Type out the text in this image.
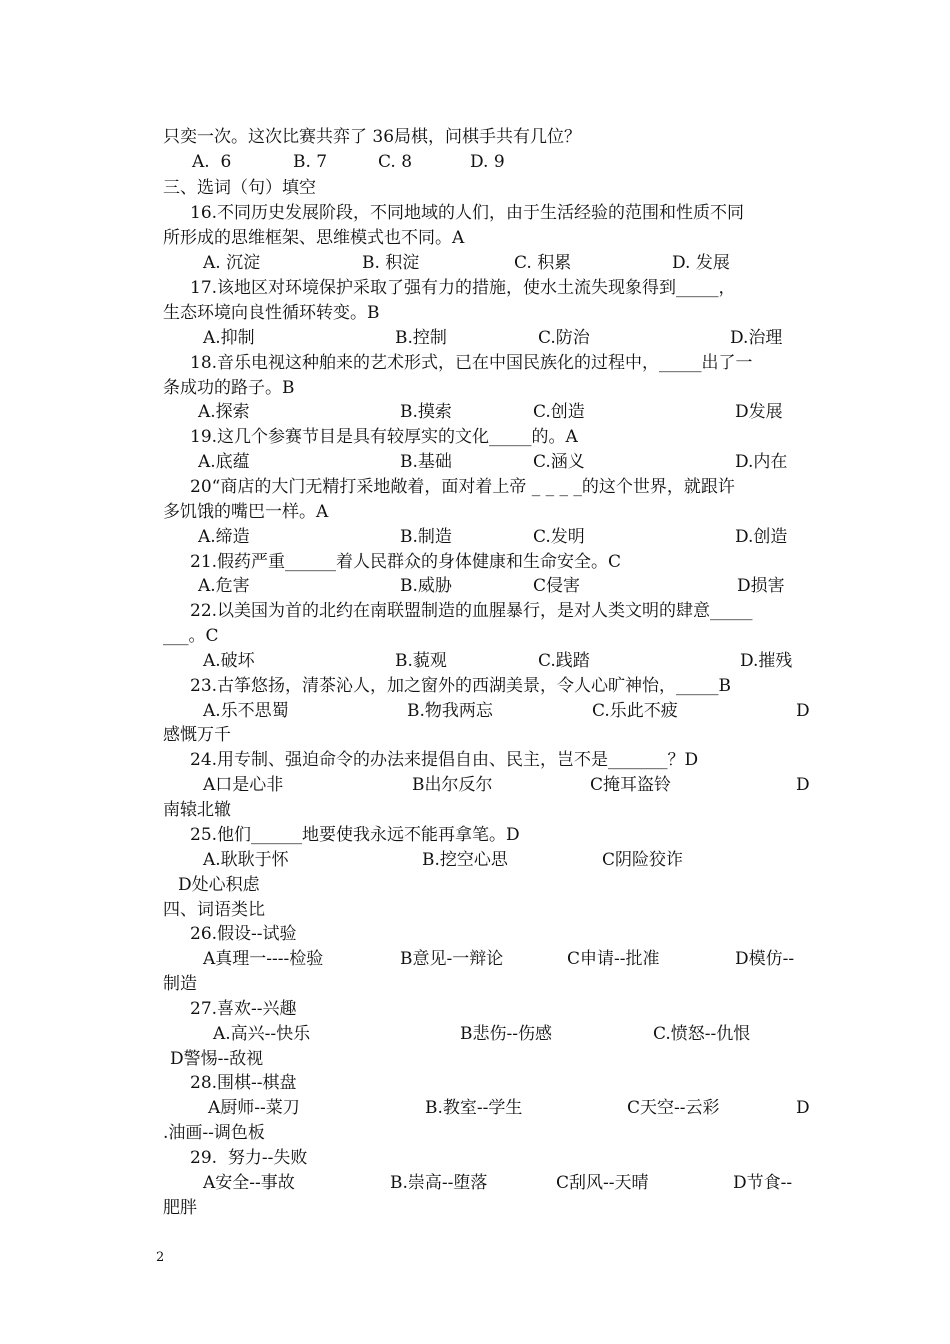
只奕一次。这次比赛共弈了 36局棋，问棋手共有几位？
A.  6	B. 7	C. 8	D. 9
三、选词（句）填空
16.不同历史发展阶段，不同地域的人们，由于生活经验的范围和性质不同
所形成的思维框架、思维模式也不同。A
A. 沉淀	B. 积淀	C. 积累	D. 发展
17.该地区对环境保护采取了强有力的措施，使水土流失现象得到_____，
生态环境向良性循环转变。B
A.抑制	B.控制	C.防治	D.治理
18.音乐电视这种舶来的艺术形式，已在中国民族化的过程中，_____出了一
条成功的路子。B
A.探索	B.摸索	C.创造	D发展
19.这几个参赛节目是具有较厚实的文化_____的。A
A.底蕴	B.基础	C.涵义	D.内在
20“商店的大门无精打采地敞着，面对着上帝 _ _ _ _的这个世界，就跟许
多饥饿的嘴巴一样。A
A.缔造	B.制造	C.发明	D.创造
21.假药严重______着人民群众的身体健康和生命安全。C
A.危害	B.威胁	C侵害	D损害
22.以美国为首的北约在南联盟制造的血腥暴行，是对人类文明的肆意_____
___。C
A.破坏	B.藐观	C.践踏	D.摧残
23.古筝悠扬，清茶沁人，加之窗外的西湖美景，令人心旷神怡，_____B
A.乐不思蜀	B.物我两忘	C.乐此不疲	D
感慨万千
24.用专制、强迫命令的办法来提倡自由、民主，岂不是_______？D
A口是心非	B出尔反尔	C掩耳盗铃	D
南辕北辙
25.他们______地要使我永远不能再拿笔。D
A.耿耿于怀	B.挖空心思	C阴险狡诈
D处心积虑
四、词语类比
26.假设--试验
A真理一----检验	B意见-一辩论	C申请--批准	D模仿--
制造
27.喜欢--兴趣
A.高兴--快乐	B悲伤--伤感	C.愤怒--仇恨
D警惕--敌视
28.围棋--棋盘
A厨师--菜刀	B.教室--学生	C天空--云彩	D
.油画--调色板
29.  努力--失败
A安全--事故	B.崇高--堕落	C刮风--天晴	D节食--
肥胖
2
